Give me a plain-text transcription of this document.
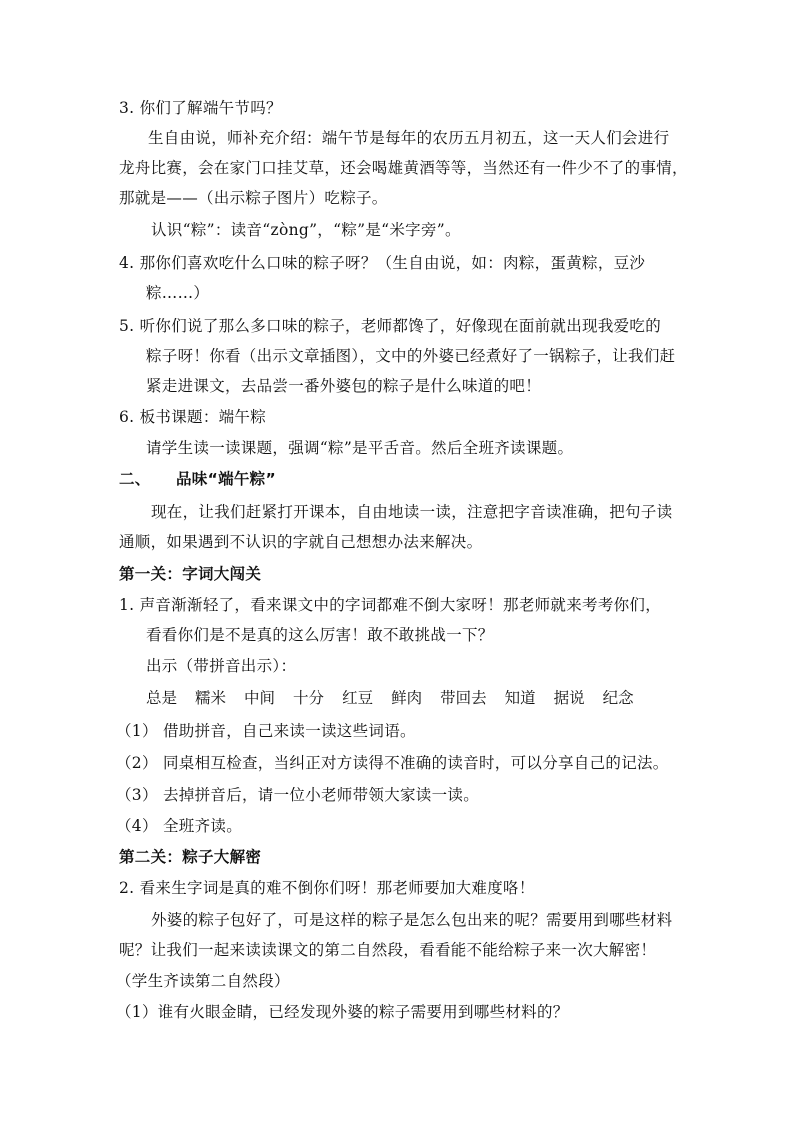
3. 你们了解端午节吗？
生自由说，师补充介绍：端午节是每年的农历五月初五，这一天人们会进行
龙舟比赛，会在家门口挂艾草，还会喝雄黄酒等等，当然还有一件少不了的事情，
那就是——（出示粽子图片）吃粽子。
认识“粽”：读音“zòng”，“粽”是“米字旁”。
4. 那你们喜欢吃什么口味的粽子呀？（生自由说，如：肉粽，蛋黄粽，豆沙
粽……）
5. 听你们说了那么多口味的粽子，老师都馋了，好像现在面前就出现我爱吃的
粽子呀！你看（出示文章插图），文中的外婆已经煮好了一锅粽子，让我们赶
紧走进课文，去品尝一番外婆包的粽子是什么味道的吧！
6. 板书课题：端午粽
请学生读一读课题，强调“粽”是平舌音。然后全班齐读课题。
二、 品味“端午粽”
现在，让我们赶紧打开课本，自由地读一读，注意把字音读准确，把句子读
通顺，如果遇到不认识的字就自己想想办法来解决。
第一关：字词大闯关
1. 声音渐渐轻了，看来课文中的字词都难不倒大家呀！那老师就来考考你们，
看看你们是不是真的这么厉害！敢不敢挑战一下？
出示（带拼音出示）：
总是 糯米 中间 十分 红豆 鲜肉 带回去 知道 据说 纪念
（1） 借助拼音，自己来读一读这些词语。
（2） 同桌相互检查，当纠正对方读得不准确的读音时，可以分享自己的记法。
（3） 去掉拼音后，请一位小老师带领大家读一读。
（4） 全班齐读。
第二关：粽子大解密
2. 看来生字词是真的难不倒你们呀！那老师要加大难度咯！
外婆的粽子包好了，可是这样的粽子是怎么包出来的呢？需要用到哪些材料
呢？让我们一起来读读课文的第二自然段，看看能不能给粽子来一次大解密！
（学生齐读第二自然段）
（1）谁有火眼金睛，已经发现外婆的粽子需要用到哪些材料的？
